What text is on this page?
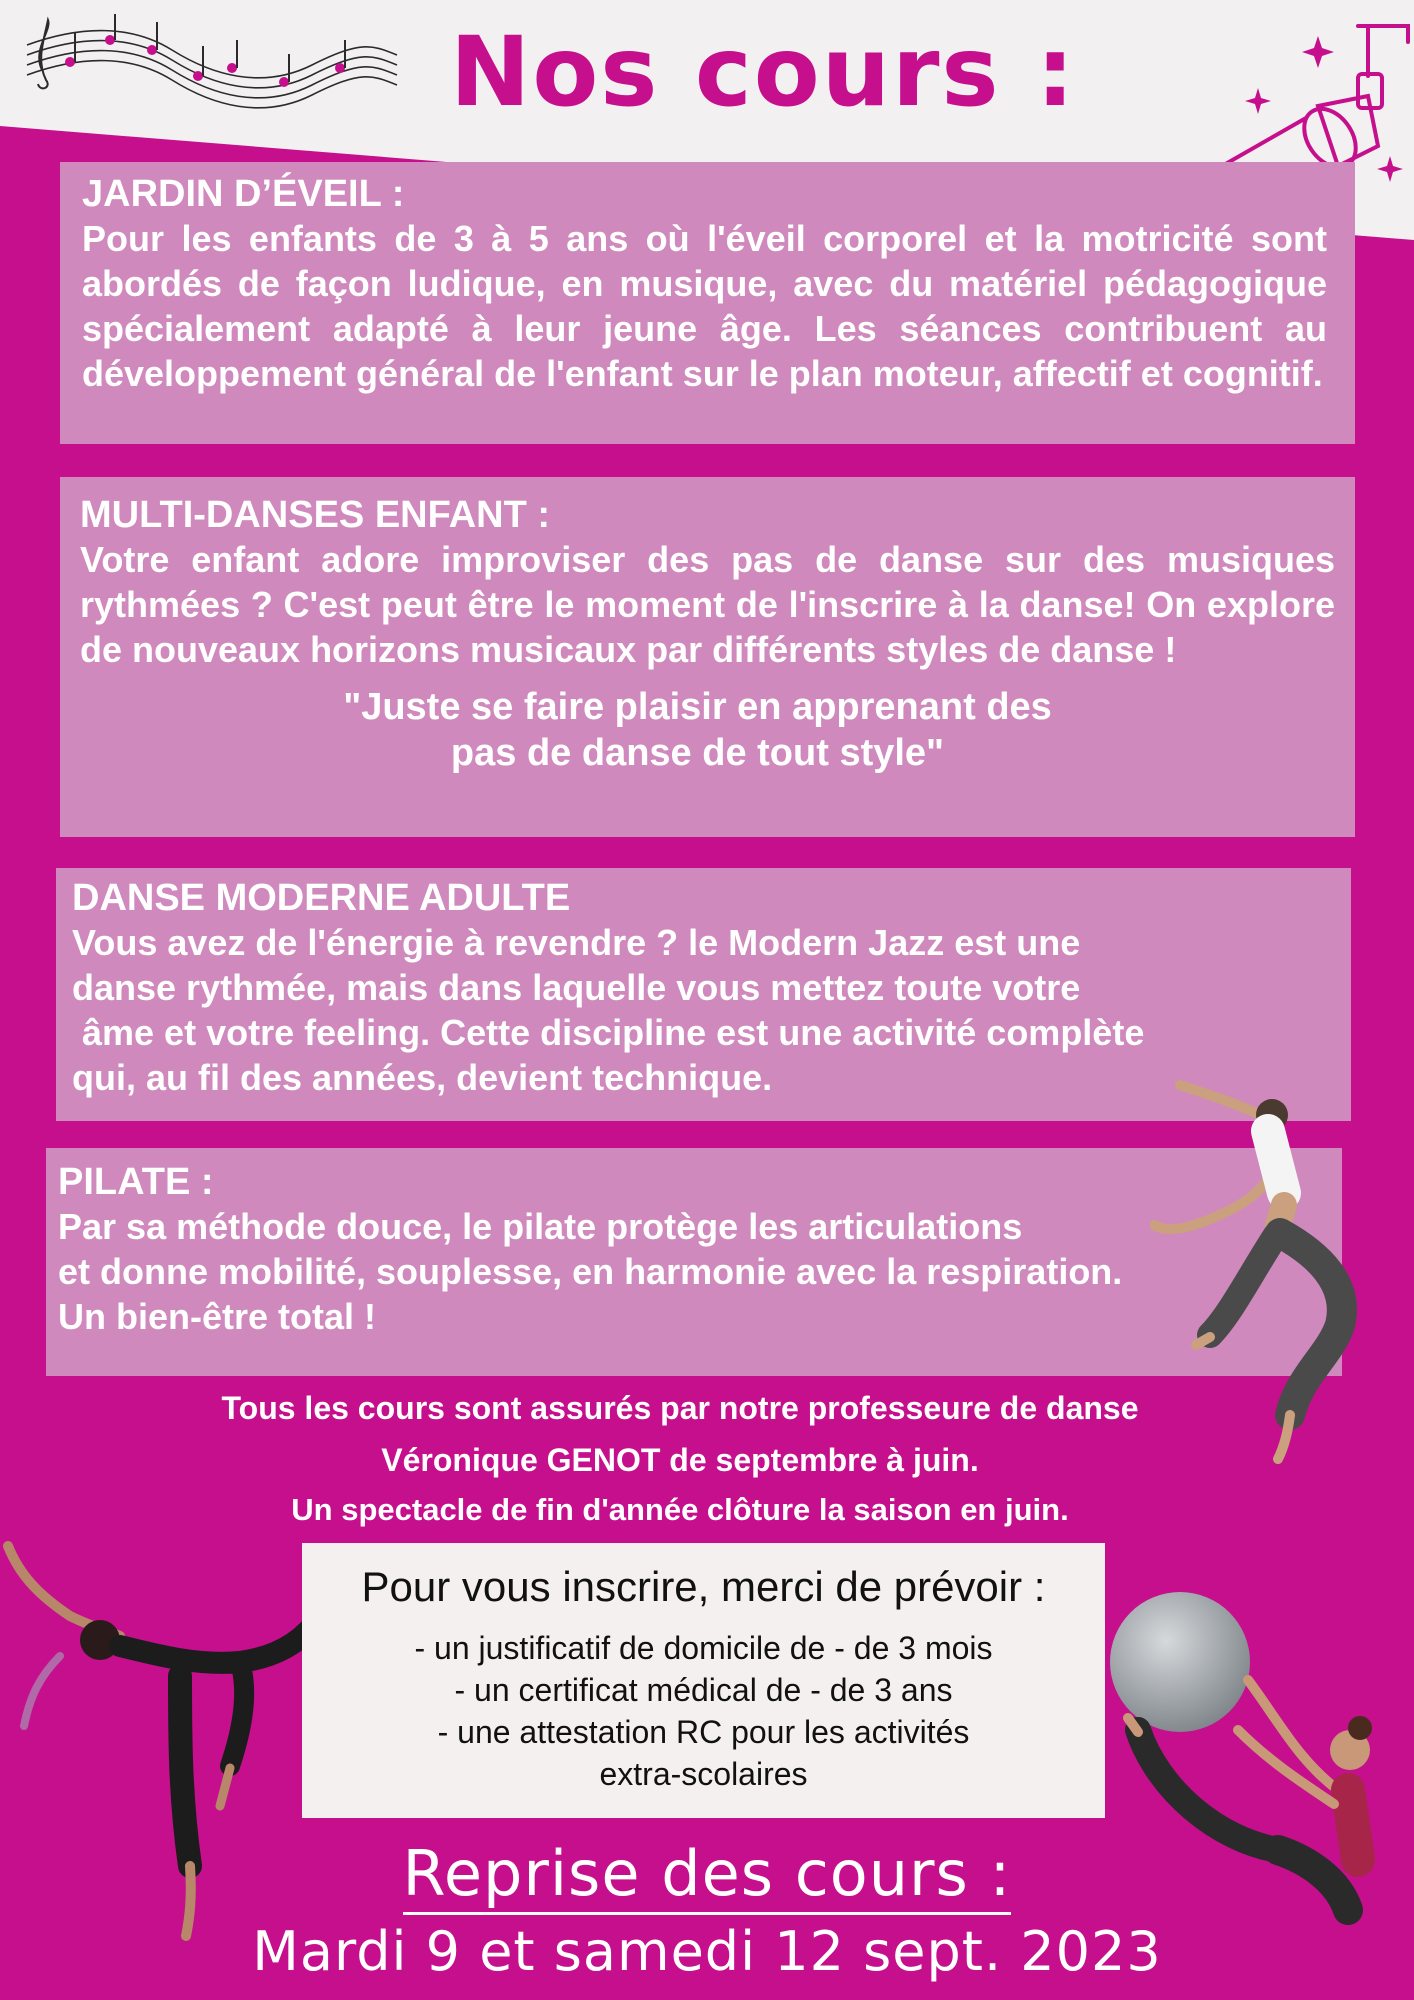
Nos cours :
JARDIN D’ÉVEIL :

Pour les enfants de 3 à 5 ans où l'éveil corporel et la motricité sont abordés de façon ludique, en musique, avec du matériel pédagogique spécialement adapté à leur jeune âge. Les séances contribuent au développement général de l'enfant sur le plan moteur, affectif et cognitif.

MULTI-DANSES ENFANT :

Votre enfant adore improviser des pas de danse sur des musiques rythmées ? C'est peut être le moment de l'inscrire à la danse! On explore de nouveaux horizons musicaux par différents styles de danse !

"Juste se faire plaisir en apprenant des
pas de danse de tout style"
DANSE MODERNE ADULTE

Vous avez de l'énergie à revendre ? le Modern Jazz est une

danse rythmée, mais dans laquelle vous mettez toute votre

âme et votre feeling. Cette discipline est une activité complète

qui, au fil des années, devient technique.

PILATE :

Par sa méthode douce, le pilate protège les articulations

et donne mobilité, souplesse, en harmonie avec la respiration.

Un bien-être total !

Tous les cours sont assurés par notre professeure de danse
Véronique GENOT de septembre à juin.
Un spectacle de fin d'année clôture la saison en juin.
Pour vous inscrire, merci de prévoir :
- un justificatif de domicile de - de 3 mois
- un certificat médical de - de 3 ans
- une attestation RC pour les activités
extra-scolaires
Reprise des cours :
Mardi 9 et samedi 12 sept. 2023
